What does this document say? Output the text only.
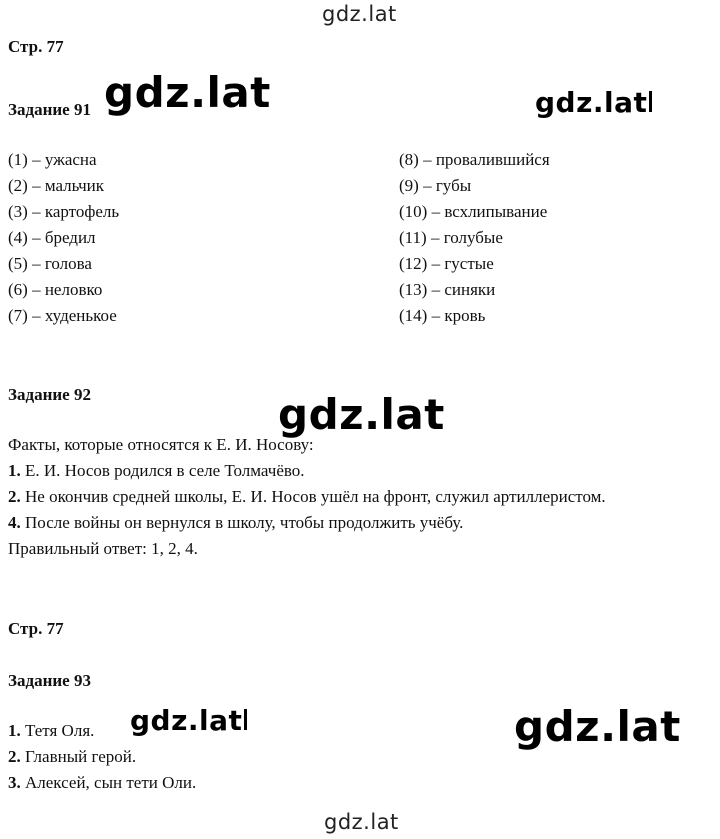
gdz.lat
gdz.lat	gdz.lat
gdz.lat
gdz.lat	gdz.lat
gdz.lat
Стр. 77
Задание 91
(1) – ужасна
(2) – мальчик
(3) – картофель
(4) – бредил
(5) – голова
(6) – неловко
(7) – худенькое
(8) – провалившийся
(9) – губы
(10) – всхлипывание
(11) – голубые
(12) – густые
(13) – синяки
(14) – кровь
Задание 92
Факты, которые относятся к Е. И. Носову:
1. Е. И. Носов родился в селе Толмачёво.
2. Не окончив средней школы, Е. И. Носов ушёл на фронт, служил артиллеристом.
4. После войны он вернулся в школу, чтобы продолжить учёбу.
Правильный ответ: 1, 2, 4.
Стр. 77
Задание 93
1. Тетя Оля.
2. Главный герой.
3. Алексей, сын тети Оли.
